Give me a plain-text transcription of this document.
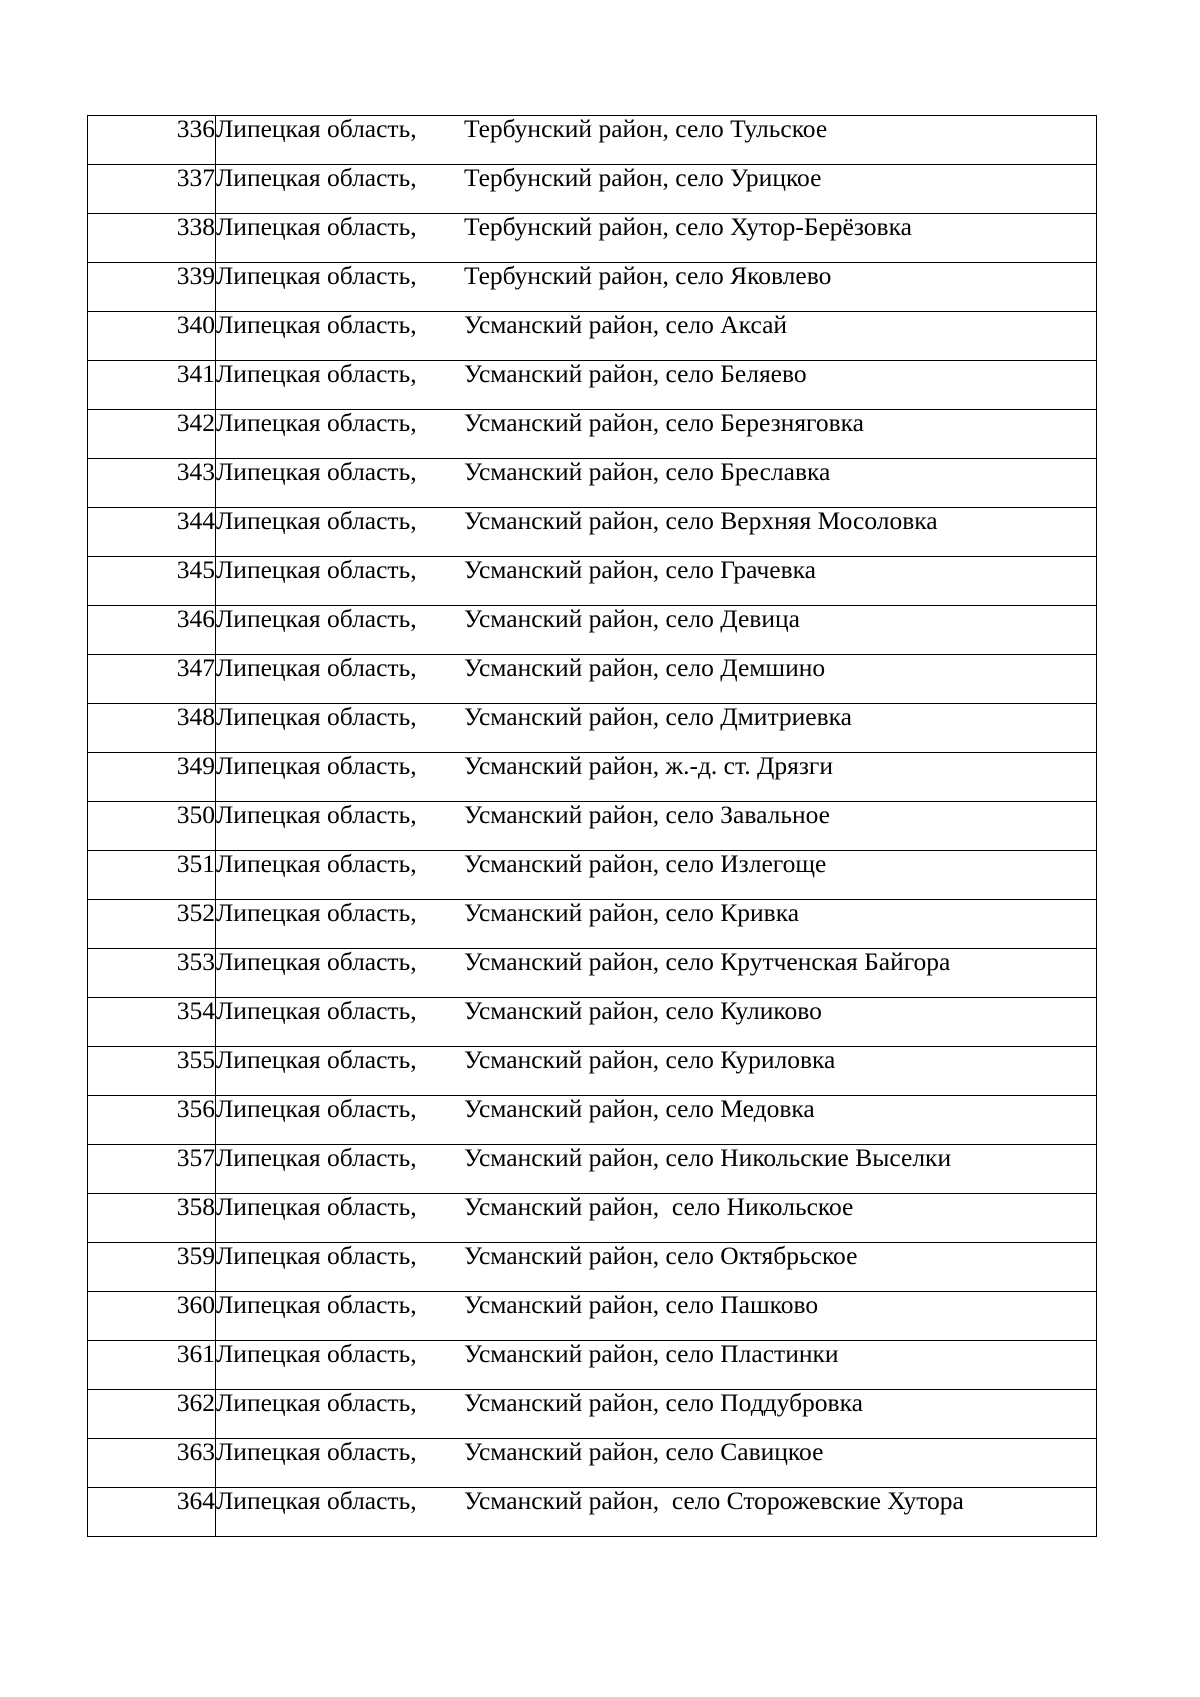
336	Липецкая область, Тербунский район, село Тульское
337	Липецкая область, Тербунский район, село Урицкое
338	Липецкая область, Тербунский район, село Хутор-Берёзовка
339	Липецкая область, Тербунский район, село Яковлево
340	Липецкая область, Усманский район, село Аксай
341	Липецкая область, Усманский район, село Беляево
342	Липецкая область, Усманский район, село Березняговка
343	Липецкая область, Усманский район, село Бреславка
344	Липецкая область, Усманский район, село Верхняя Мосоловка
345	Липецкая область, Усманский район, село Грачевка
346	Липецкая область, Усманский район, село Девица
347	Липецкая область, Усманский район, село Демшино
348	Липецкая область, Усманский район, село Дмитриевка
349	Липецкая область, Усманский район, ж.-д. ст. Дрязги
350	Липецкая область, Усманский район, село Завальное
351	Липецкая область, Усманский район, село Излегоще
352	Липецкая область, Усманский район, село Кривка
353	Липецкая область, Усманский район, село Крутченская Байгора
354	Липецкая область, Усманский район, село Куликово
355	Липецкая область, Усманский район, село Куриловка
356	Липецкая область, Усманский район, село Медовка
357	Липецкая область, Усманский район, село Никольские Выселки
358	Липецкая область, Усманский район,  село Никольское
359	Липецкая область, Усманский район, село Октябрьское
360	Липецкая область, Усманский район, село Пашково
361	Липецкая область, Усманский район, село Пластинки
362	Липецкая область, Усманский район, село Поддубровка
363	Липецкая область, Усманский район, село Савицкое
364	Липецкая область, Усманский район,  село Сторожевские Хутора
